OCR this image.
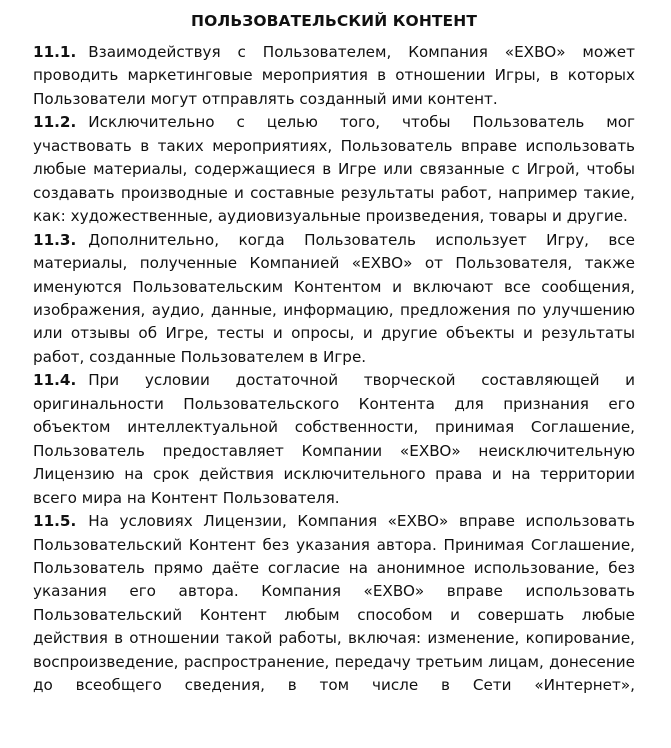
ПОЛЬЗОВАТЕЛЬСКИЙ КОНТЕНТ

11.1. Взаимодействуя с Пользователем, Компания «EXBO» может проводить маркетинговые мероприятия в отношении Игры, в которых Пользователи могут отправлять созданный ими контент.

11.2. Исключительно с целью того, чтобы Пользователь мог участвовать в таких мероприятиях, Пользователь вправе использовать любые материалы, содержащиеся в Игре или связанные с Игрой, чтобы создавать производные и составные результаты работ, например такие, как: художественные, аудиовизуальные произведения, товары и другие.

11.3. Дополнительно, когда Пользователь использует Игру, все материалы, полученные Компанией «EXBO» от Пользователя, также именуются Пользовательским Контентом и включают все сообщения, изображения, аудио, данные, информацию, предложения по улучшению или отзывы об Игре, тесты и опросы, и другие объекты и результаты работ, созданные Пользователем в Игре.

11.4. При условии достаточной творческой составляющей и оригинальности Пользовательского Контента для признания его объектом интеллектуальной собственности, принимая Соглашение, Пользователь предоставляет Компании «EXBO» неисключительную Лицензию на срок действия исключительного права и на территории всего мира на Контент Пользователя.

11.5. На условиях Лицензии, Компания «EXBO» вправе использовать Пользовательский Контент без указания автора. Принимая Соглашение, Пользователь прямо даёте согласие на анонимное использование, без указания его автора. Компания «EXBO» вправе использовать Пользовательский Контент любым способом и совершать любые действия в отношении такой работы, включая: изменение, копирование, воспроизведение, распространение, передачу третьим лицам, донесение до всеобщего сведения, в том числе в Сети «Интернет»,
